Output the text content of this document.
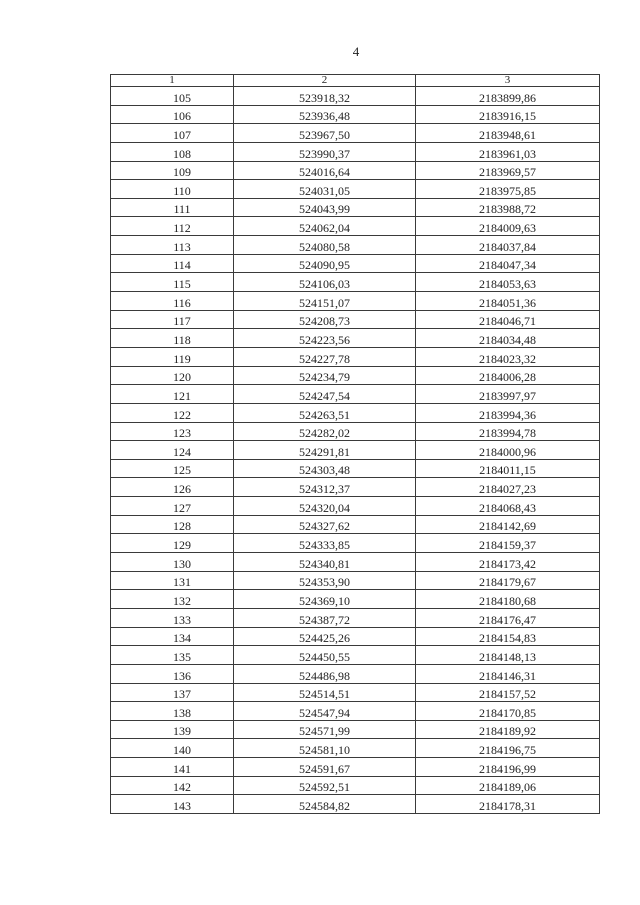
4
1	2	3
105	523918,32	2183899,86
106	523936,48	2183916,15
107	523967,50	2183948,61
108	523990,37	2183961,03
109	524016,64	2183969,57
110	524031,05	2183975,85
111	524043,99	2183988,72
112	524062,04	2184009,63
113	524080,58	2184037,84
114	524090,95	2184047,34
115	524106,03	2184053,63
116	524151,07	2184051,36
117	524208,73	2184046,71
118	524223,56	2184034,48
119	524227,78	2184023,32
120	524234,79	2184006,28
121	524247,54	2183997,97
122	524263,51	2183994,36
123	524282,02	2183994,78
124	524291,81	2184000,96
125	524303,48	2184011,15
126	524312,37	2184027,23
127	524320,04	2184068,43
128	524327,62	2184142,69
129	524333,85	2184159,37
130	524340,81	2184173,42
131	524353,90	2184179,67
132	524369,10	2184180,68
133	524387,72	2184176,47
134	524425,26	2184154,83
135	524450,55	2184148,13
136	524486,98	2184146,31
137	524514,51	2184157,52
138	524547,94	2184170,85
139	524571,99	2184189,92
140	524581,10	2184196,75
141	524591,67	2184196,99
142	524592,51	2184189,06
143	524584,82	2184178,31
